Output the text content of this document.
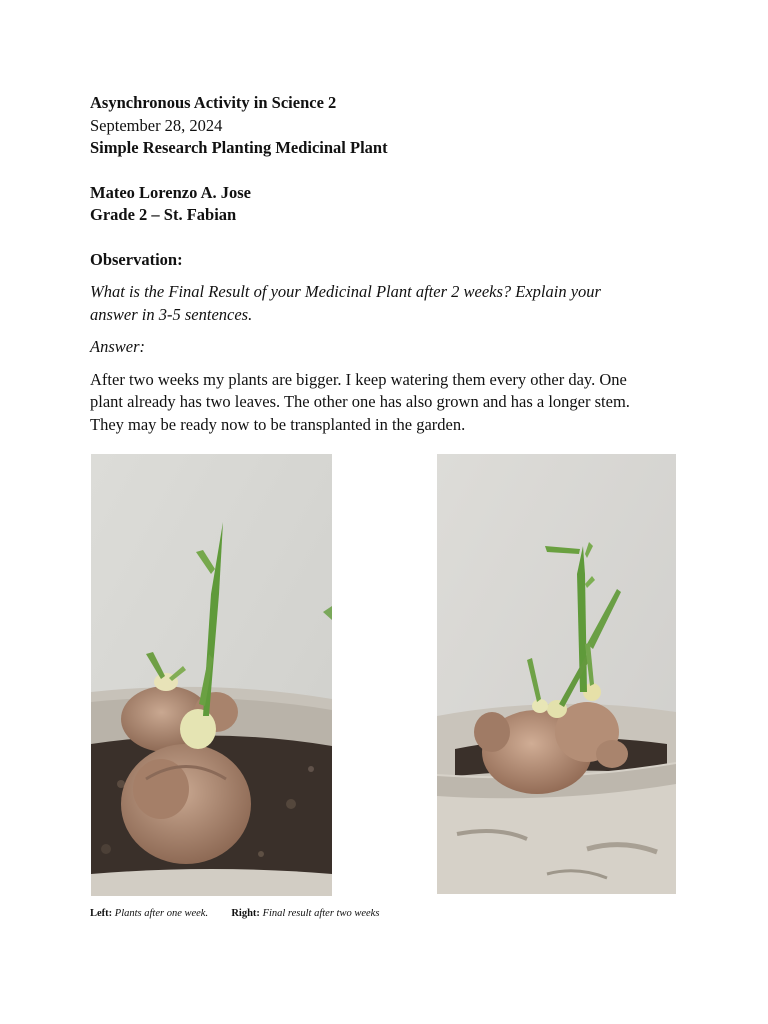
Asynchronous Activity in Science 2

September 28, 2024

Simple Research Planting Medicinal Plant

Mateo Lorenzo A. Jose

Grade 2 – St. Fabian

Observation:

What is the Final Result of your Medicinal Plant after 2 weeks? Explain your

answer in 3-5 sentences.

Answer:

After two weeks my plants are bigger. I keep watering them every other day. One

plant already has two leaves. The other one has also grown and has a longer stem.

They may be ready now to be transplanted in the garden.

Left: Plants after one week. Right: Final result after two weeks
